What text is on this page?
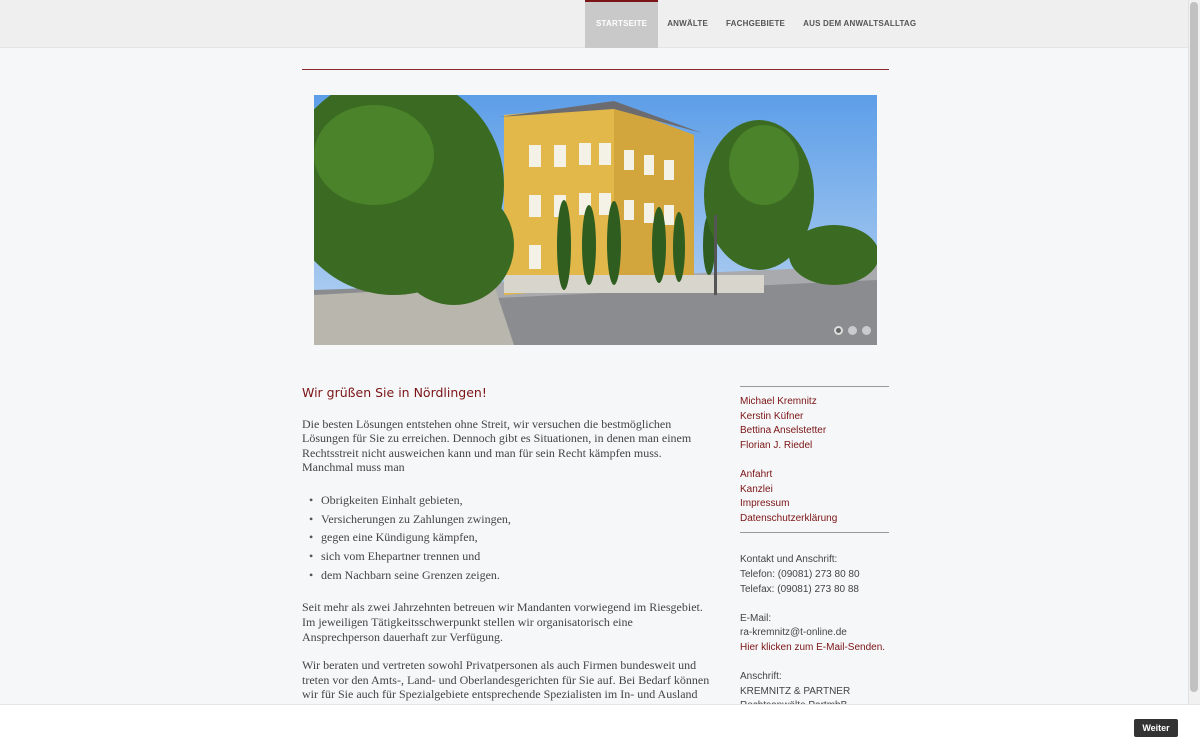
STARTSEITE	ANWÄLTE	FACHGEBIETE	AUS DEM ANWALTSALLTAG
Wir grüßen Sie in Nördlingen!

Die besten Lösungen entstehen ohne Streit, wir versuchen die bestmöglichen Lösungen für Sie zu erreichen. Dennoch gibt es Situationen, in denen man einem Rechtsstreit nicht ausweichen kann und man für sein Recht kämpfen muss. Manchmal muss man

• Obrigkeiten Einhalt gebieten,
• Versicherungen zu Zahlungen zwingen,
• gegen eine Kündigung kämpfen,
• sich vom Ehepartner trennen und
• dem Nachbarn seine Grenzen zeigen.

Seit mehr als zwei Jahrzehnten betreuen wir Mandanten vorwiegend im Riesgebiet. Im jeweiligen Tätigkeitsschwerpunkt stellen wir organisatorisch eine Ansprechperson dauerhaft zur Verfügung.

Wir beraten und vertreten sowohl Privatpersonen als auch Firmen bundesweit und treten vor den Amts-, Land- und Oberlandesgerichten für Sie auf. Bei Bedarf können wir für Sie auch für Spezialgebiete entsprechende Spezialisten im In- und Ausland

Michael Kremnitz
Kerstin Küfner
Bettina Anselstetter
Florian J. Riedel
Anfahrt
Kanzlei
Impressum
Datenschutzerklärung
Kontakt und Anschrift:
Telefon: (09081) 273 80 80
Telefax: (09081) 273 80 88
E-Mail:
ra-kremnitz@t-online.de
Hier klicken zum E-Mail-Senden.
Anschrift:
KREMNITZ & PARTNER
Weiter
